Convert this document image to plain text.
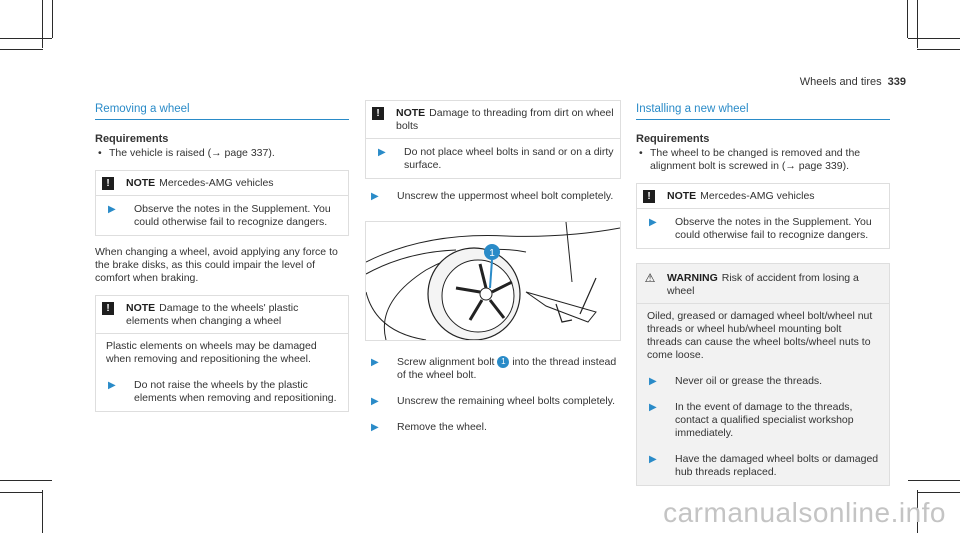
Wheels and tires 339
Removing a wheel
Requirements
• The vehicle is raised (→ page 337).
!	NOTE Mercedes-AMG vehicles
▶	Observe the notes in the Supplement. You could otherwise fail to recognize dangers.
When changing a wheel, avoid applying any force to the brake disks, as this could impair the level of comfort when braking.
!	NOTE Damage to the wheels' plastic elements when changing a wheel
Plastic elements on wheels may be damaged when removing and repositioning the wheel.
▶	Do not raise the wheels by the plastic elements when removing and repositioning.
!	NOTE Damage to threading from dirt on wheel bolts
▶	Do not place wheel bolts in sand or on a dirty surface.
▶	Unscrew the uppermost wheel bolt completely.
1
▶	Screw alignment bolt 1 into the thread instead of the wheel bolt.
▶	Unscrew the remaining wheel bolts completely.
▶	Remove the wheel.
Installing a new wheel
Requirements
• The wheel to be changed is removed and the alignment bolt is screwed in (→ page 339).
!	NOTE Mercedes-AMG vehicles
▶	Observe the notes in the Supplement. You could otherwise fail to recognize dangers.
⚠ WARNING Risk of accident from losing a wheel
Oiled, greased or damaged wheel bolt/wheel nut threads or wheel hub/wheel mounting bolt threads can cause the wheel bolts/wheel nuts to come loose.
▶	Never oil or grease the threads.
▶	In the event of damage to the threads, contact a qualified specialist workshop immediately.
▶	Have the damaged wheel bolts or damaged hub threads replaced.
carmanualsonline.info
